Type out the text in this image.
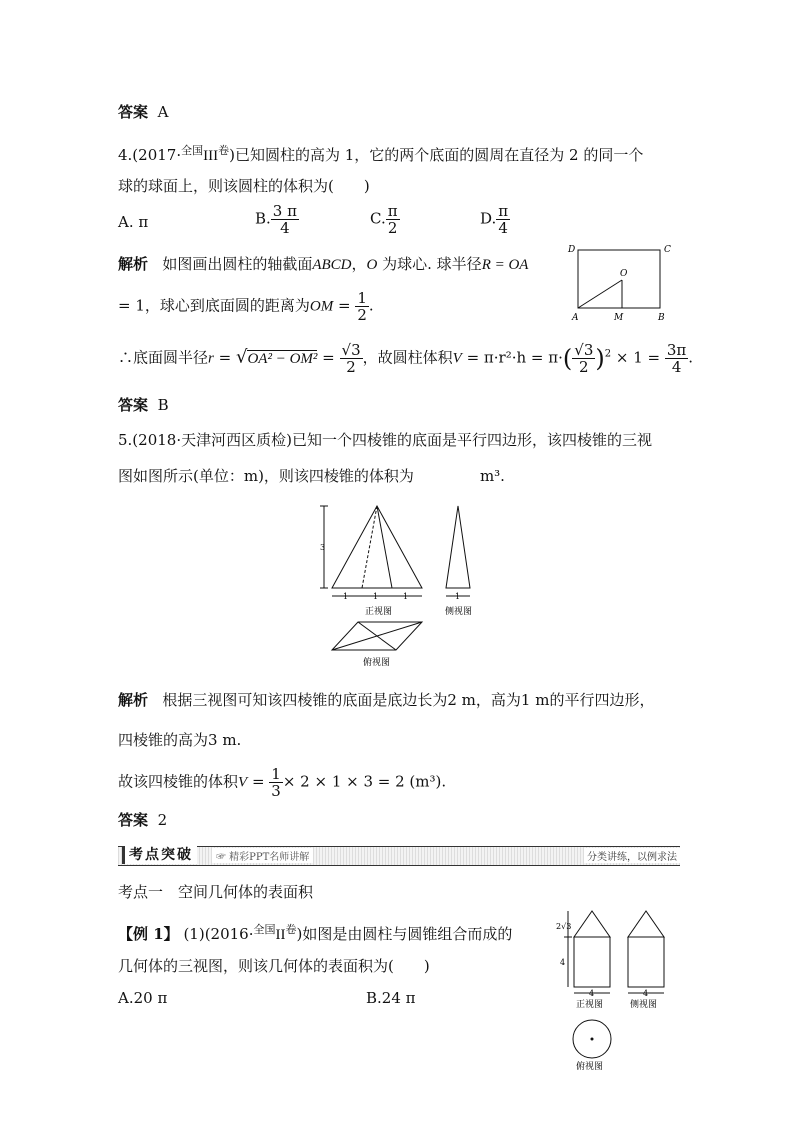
答案 A
$4.(2017\cdot^{全国}III^卷)$已知圆柱的高为 1，它的两个底面的圆周在直径为 2 的同一个
球的球面上，则该圆柱的体积为(　　)
A. π	B. $\frac{3 \pi}{4}$	C. $\frac{\pi}{2}$	D. $\frac{\pi}{4}$
解析 如图画出圆柱的轴截面ABCD，O 为球心. 球半径R = OA
= 1，球心到底面圆的距离为OM = $\frac{1}{2}$ .
D	C
O
A	M	B
∴底面圆半径$r = √OA^2 - OM^2 = \frac{√3}{2}$ ，故圆柱体积$V = \pi\cdot r^2\cdot h = \pi\cdot( \frac{√3}{2} )^2 \times 1 = \frac{3\pi}{4}$ .
答案 B
5.(2018·天津河西区质检)已知一个四棱锥的底面是平行四边形，该四棱锥的三视
图如图所示(单位：m)，则该四棱锥的体积为	m³.
3
1	1	1
正视图
1
侧视图
俯视图
解析 根据三视图可知该四棱锥的底面是底边长为2 m，高为1 m的平行四边形，
四棱锥的高为3 m.
故该四棱锥的体积$V = \frac{1}{3} \times 2 \times 1 \times 3 = 2$ (m³).
答案 2
考点突破	☞ 精彩PPT名师讲解	分类讲练，以例求法
考点一　空间几何体的表面积
【例 1】 $(1)(2016\cdot^{全国}II^卷)$如图是由圆柱与圆锥组合而成的
几何体的三视图，则该几何体的表面积为(　　)
A.20 π	B.24 π
2√3
4
4
正视图
4
侧视图
俯视图
